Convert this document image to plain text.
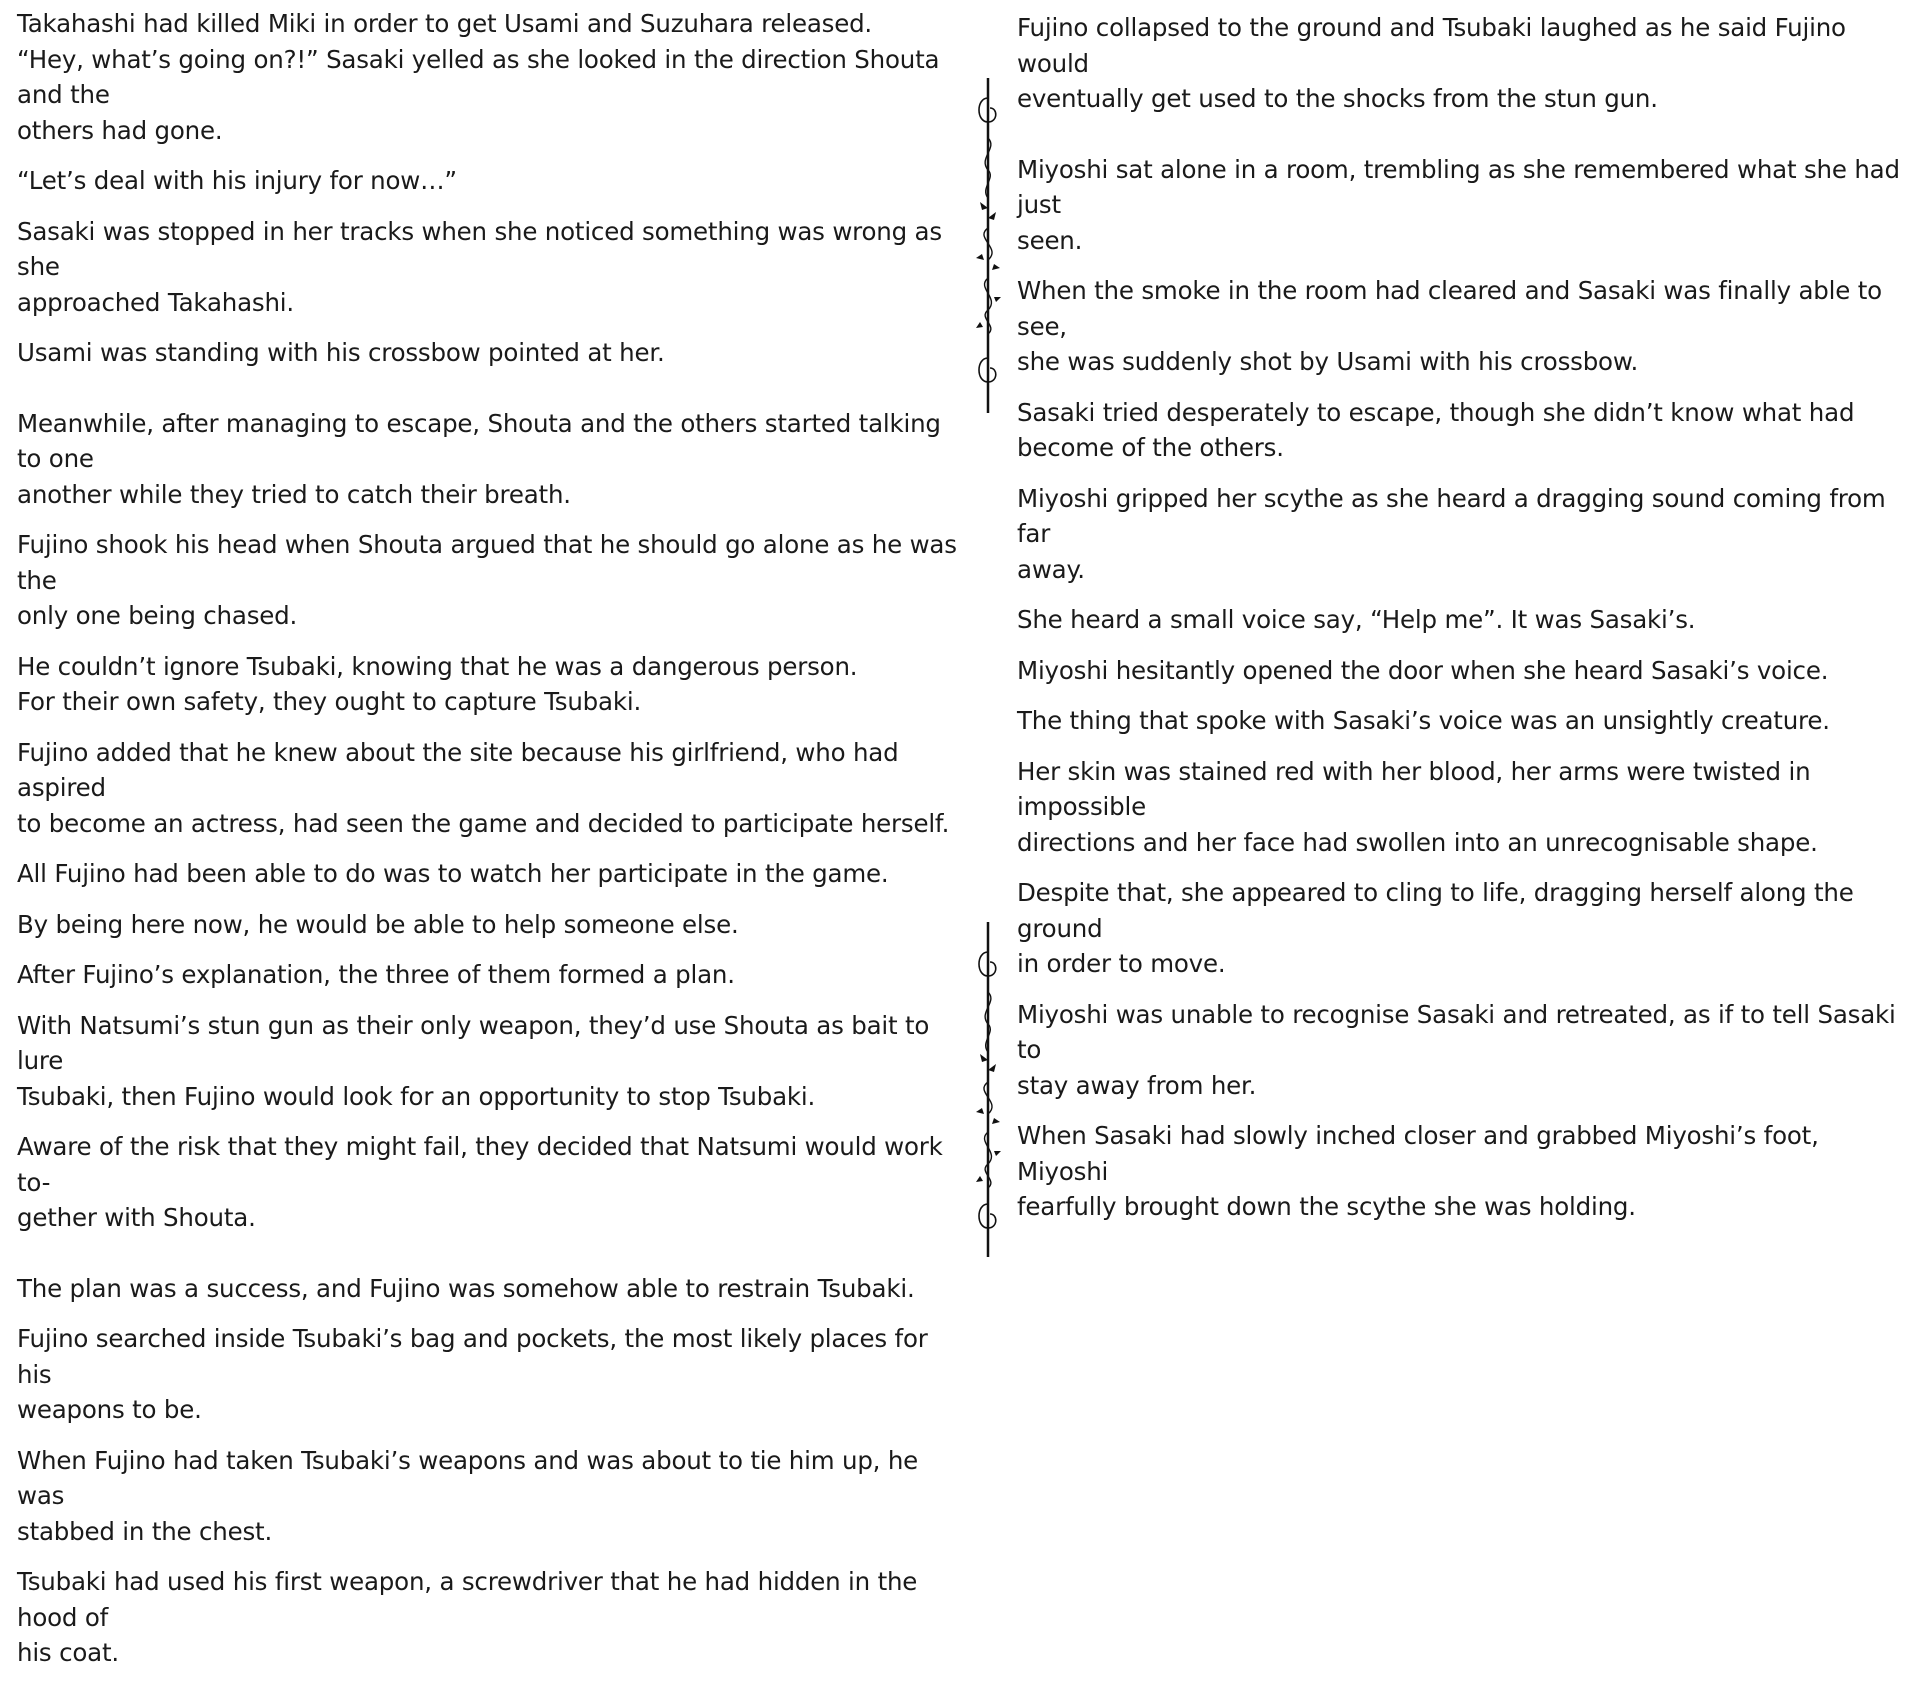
Takahashi had killed Miki in order to get Usami and Suzuhara released.
“Hey, what’s going on?!” Sasaki yelled as she looked in the direction Shouta and the
others had gone.

“Let’s deal with his injury for now…”

Sasaki was stopped in her tracks when she noticed something was wrong as she
approached Takahashi.

Usami was standing with his crossbow pointed at her.

Meanwhile, after managing to escape, Shouta and the others started talking to one
another while they tried to catch their breath.

Fujino shook his head when Shouta argued that he should go alone as he was the
only one being chased.

He couldn’t ignore Tsubaki, knowing that he was a dangerous person.
For their own safety, they ought to capture Tsubaki.

Fujino added that he knew about the site because his girlfriend, who had aspired
to become an actress, had seen the game and decided to participate herself.

All Fujino had been able to do was to watch her participate in the game.

By being here now, he would be able to help someone else.

After Fujino’s explanation, the three of them formed a plan.

With Natsumi’s stun gun as their only weapon, they’d use Shouta as bait to lure
Tsubaki, then Fujino would look for an opportunity to stop Tsubaki.

Aware of the risk that they might fail, they decided that Natsumi would work to-
gether with Shouta.

The plan was a success, and Fujino was somehow able to restrain Tsubaki.

Fujino searched inside Tsubaki’s bag and pockets, the most likely places for his
weapons to be.

When Fujino had taken Tsubaki’s weapons and was about to tie him up, he was
stabbed in the chest.

Tsubaki had used his first weapon, a screwdriver that he had hidden in the hood of
his coat.

Fujino collapsed to the ground and Tsubaki laughed as he said Fujino would
eventually get used to the shocks from the stun gun.

Miyoshi sat alone in a room, trembling as she remembered what she had just
seen.

When the smoke in the room had cleared and Sasaki was finally able to see,
she was suddenly shot by Usami with his crossbow.

Sasaki tried desperately to escape, though she didn’t know what had
become of the others.

Miyoshi gripped her scythe as she heard a dragging sound coming from far
away.

She heard a small voice say, “Help me”. It was Sasaki’s.

Miyoshi hesitantly opened the door when she heard Sasaki’s voice.

The thing that spoke with Sasaki’s voice was an unsightly creature.

Her skin was stained red with her blood, her arms were twisted in impossible
directions and her face had swollen into an unrecognisable shape.

Despite that, she appeared to cling to life, dragging herself along the ground
in order to move.

Miyoshi was unable to recognise Sasaki and retreated, as if to tell Sasaki to
stay away from her.

When Sasaki had slowly inched closer and grabbed Miyoshi’s foot, Miyoshi
fearfully brought down the scythe she was holding.
